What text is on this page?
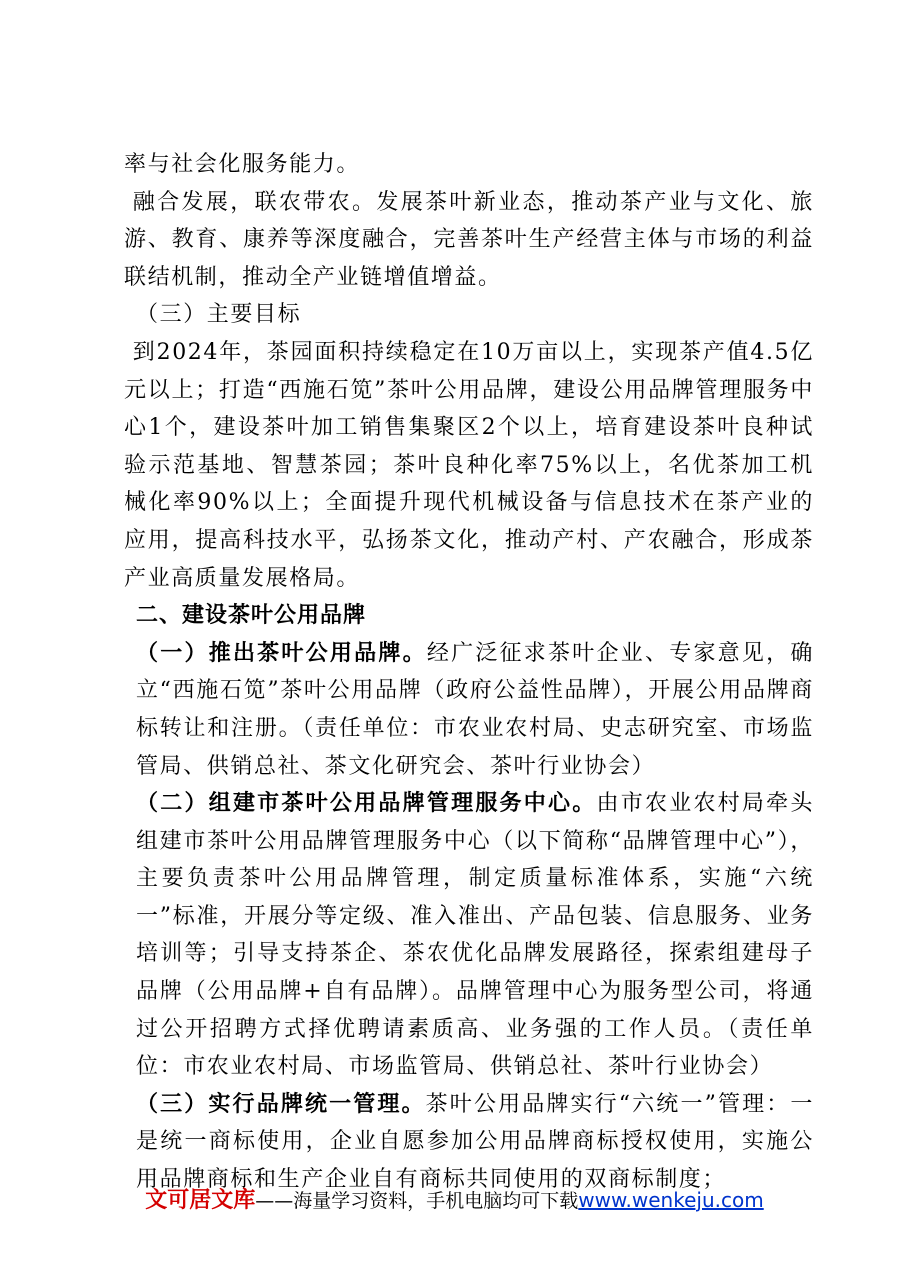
率与社会化服务能力。

融合发展，联农带农。发展茶叶新业态，推动茶产业与文化、旅游、教育、康养等深度融合，完善茶叶生产经营主体与市场的利益联结机制，推动全产业链增值增益。

（三）主要目标

到2024年，茶园面积持续稳定在10万亩以上，实现茶产值4.5亿元以上；打造“西施石笕”茶叶公用品牌，建设公用品牌管理服务中心1个，建设茶叶加工销售集聚区2个以上，培育建设茶叶良种试验示范基地、智慧茶园；茶叶良种化率75%以上，名优茶加工机械化率90%以上；全面提升现代机械设备与信息技术在茶产业的应用，提高科技水平，弘扬茶文化，推动产村、产农融合，形成茶产业高质量发展格局。

二、建设茶叶公用品牌

（一）推出茶叶公用品牌。经广泛征求茶叶企业、专家意见，确立“西施石笕”茶叶公用品牌（政府公益性品牌），开展公用品牌商标转让和注册。（责任单位：市农业农村局、史志研究室、市场监管局、供销总社、茶文化研究会、茶叶行业协会）

（二）组建市茶叶公用品牌管理服务中心。由市农业农村局牵头组建市茶叶公用品牌管理服务中心（以下简称“品牌管理中心”），主要负责茶叶公用品牌管理，制定质量标准体系，实施“六统一”标准，开展分等定级、准入准出、产品包装、信息服务、业务培训等；引导支持茶企、茶农优化品牌发展路径，探索组建母子品牌（公用品牌+自有品牌）。品牌管理中心为服务型公司，将通过公开招聘方式择优聘请素质高、业务强的工作人员。（责任单位：市农业农村局、市场监管局、供销总社、茶叶行业协会）

（三）实行品牌统一管理。茶叶公用品牌实行“六统一”管理：一是统一商标使用，企业自愿参加公用品牌商标授权使用，实施公用品牌商标和生产企业自有商标共同使用的双商标制度；

文可居文库——海量学习资料，手机电脑均可下载www.wenkeju.com
